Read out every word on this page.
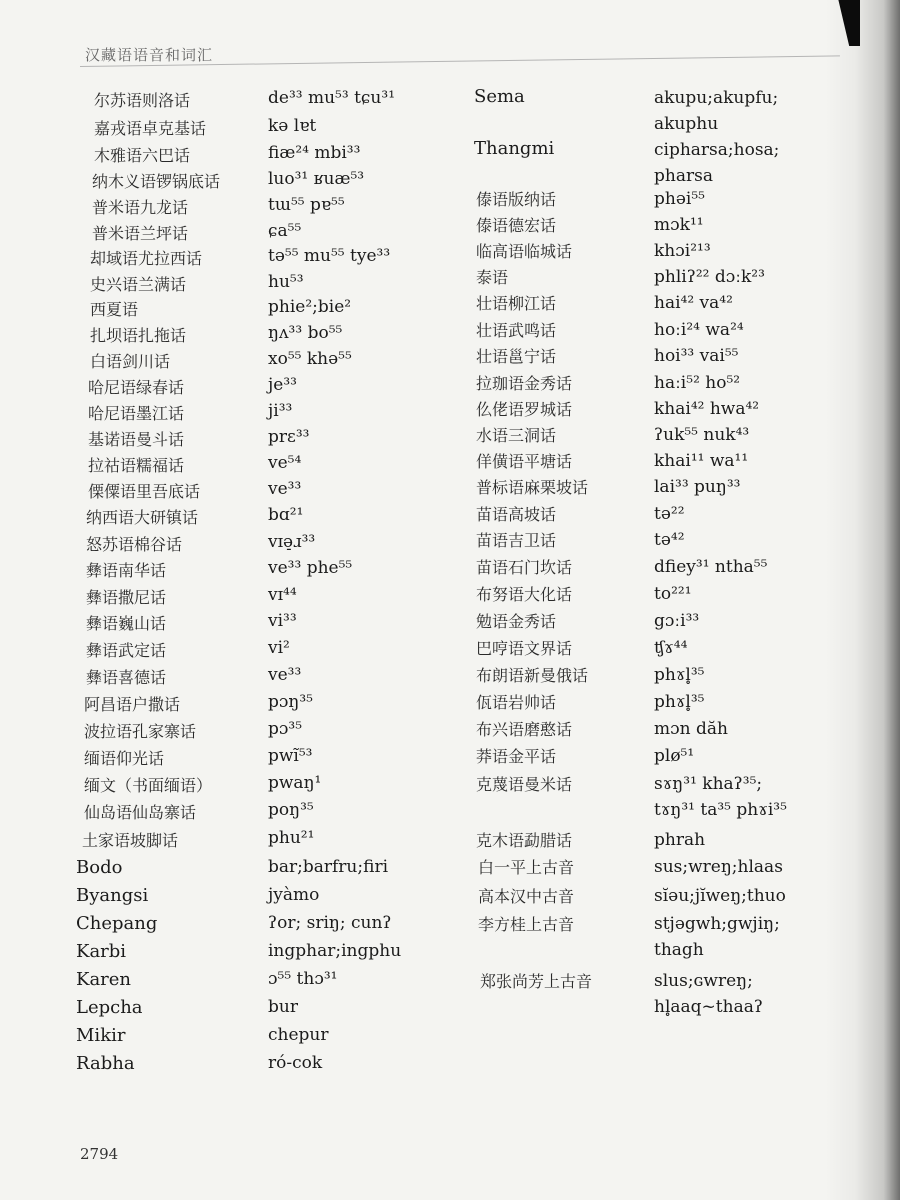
汉藏语语音和词汇
尔苏语则洛话	de³³ mu⁵³ tɕu³¹
嘉戎语卓克基话	kə lɐt
木雅语六巴话	fiæ²⁴ mbi³³
纳木义语锣锅底话	luo³¹ ʁuæ⁵³
普米语九龙话	tɯ⁵⁵ pɐ⁵⁵
普米语兰坪话	ɕa⁵⁵
却域语尤拉西话	tə⁵⁵ mu⁵⁵ tye³³
史兴语兰满话	hu⁵³
西夏语	phie²;bie²
扎坝语扎拖话	ŋʌ³³ bo⁵⁵
白语剑川话	xo⁵⁵ khə⁵⁵
哈尼语绿春话	je³³
哈尼语墨江话	ji³³
基诺语曼斗话	prɛ³³
拉祜语糯福话	ve⁵⁴
傈僳语里吾底话	ve³³
纳西语大研镇话	bɑ²¹
怒苏语棉谷话	vɪə̠ɹ³³
彝语南华话	ve³³ phe⁵⁵
彝语撒尼话	vɪ⁴⁴
彝语巍山话	vi³³
彝语武定话	vi²
彝语喜德话	ve³³
阿昌语户撒话	pɔŋ³⁵
波拉语孔家寨话	pɔ³⁵
缅语仰光话	pwĩ⁵³
缅文（书面缅语）	pwaŋ¹
仙岛语仙岛寨话	poŋ³⁵
土家语坡脚话	phu²¹
Bodo	bar;barfru;firi
Byangsi	jyàmo
Chepang	ʔor; sriŋ; cunʔ
Karbi	ingphar;ingphu
Karen	ɔ⁵⁵ thɔ³¹
Lepcha	bur
Mikir	chepur
Rabha	ró-cok
Sema	akupu;akupfu;
akuphu
Thangmi	cipharsa;hosa;
pharsa
傣语版纳话	phəi⁵⁵
傣语德宏话	mɔk¹¹
临高语临城话	khɔi²¹³
泰语	phliʔ²² dɔːk²³
壮语柳江话	hai⁴² va⁴²
壮语武鸣话	hoːi²⁴ wa²⁴
壮语邕宁话	hoi³³ vai⁵⁵
拉珈语金秀话	haːi⁵² ho⁵²
仫佬语罗城话	khai⁴² hwa⁴²
水语三洞话	ʔuk⁵⁵ nuk⁴³
佯僙语平塘话	khai¹¹ wa¹¹
普标语麻栗坡话	lai³³ puŋ³³
苗语高坡话	tə²²
苗语吉卫话	tə⁴²
苗语石门坎话	dfiey³¹ ntha⁵⁵
布努语大化话	to²²¹
勉语金秀话	gɔːi³³
巴哼语文界话	ʧɤ⁴⁴
布朗语新曼俄话	phɤl̥³⁵
佤语岩帅话	phɤl̥³⁵
布兴语磨憨话	mɔn dăh
莽语金平话	plø⁵¹
克蔑语曼米话	sɤŋ³¹ khaʔ³⁵;
tɤŋ³¹ ta³⁵ phɤi³⁵
克木语勐腊话	phrah
白一平上古音	sus;wreŋ;hlaas
高本汉中古音	sĭəu;jĭweŋ;thuo
李方桂上古音	stjəgwh;gwjiŋ;
thagh
郑张尚芳上古音	slus;ɢwreŋ;
hl̥aaq~thaaʔ
2794
